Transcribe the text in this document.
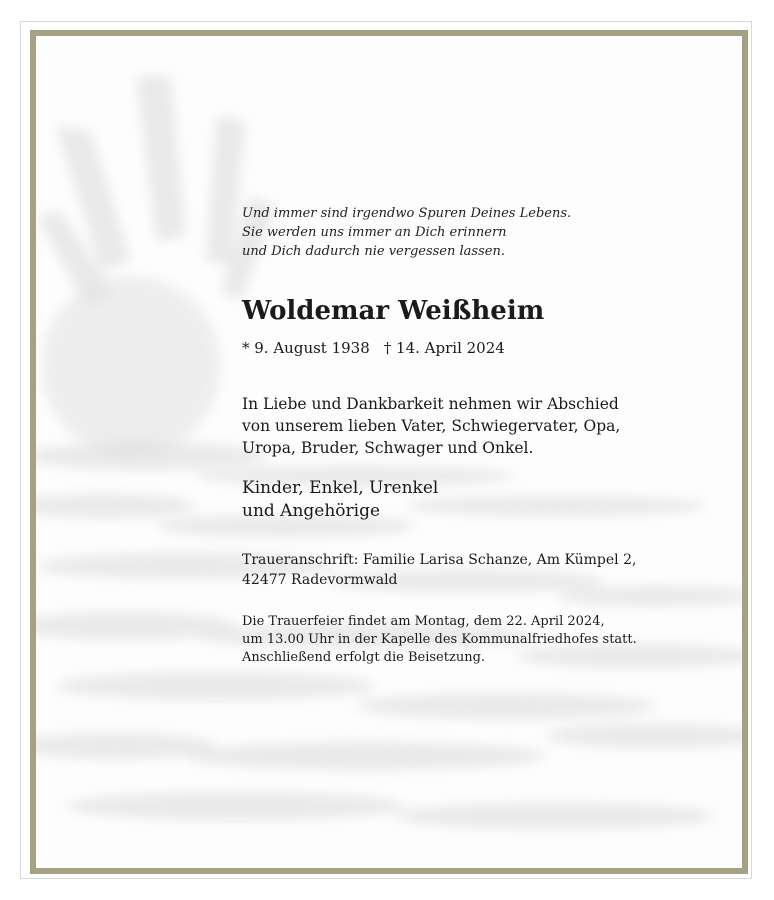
Und immer sind irgendwo Spuren Deines Lebens.
Sie werden uns immer an Dich erinnern
und Dich dadurch nie vergessen lassen.

Woldemar Weißheim

* 9. August 1938 † 14. April 2024

In Liebe und Dankbarkeit nehmen wir Abschied
von unserem lieben Vater, Schwiegervater, Opa,
Uropa, Bruder, Schwager und Onkel.

Kinder, Enkel, Urenkel
und Angehörige

Traueranschrift: Familie Larisa Schanze, Am Kümpel 2,
42477 Radevormwald

Die Trauerfeier findet am Montag, dem 22. April 2024,
um 13.00 Uhr in der Kapelle des Kommunalfriedhofes statt.
Anschließend erfolgt die Beisetzung.
